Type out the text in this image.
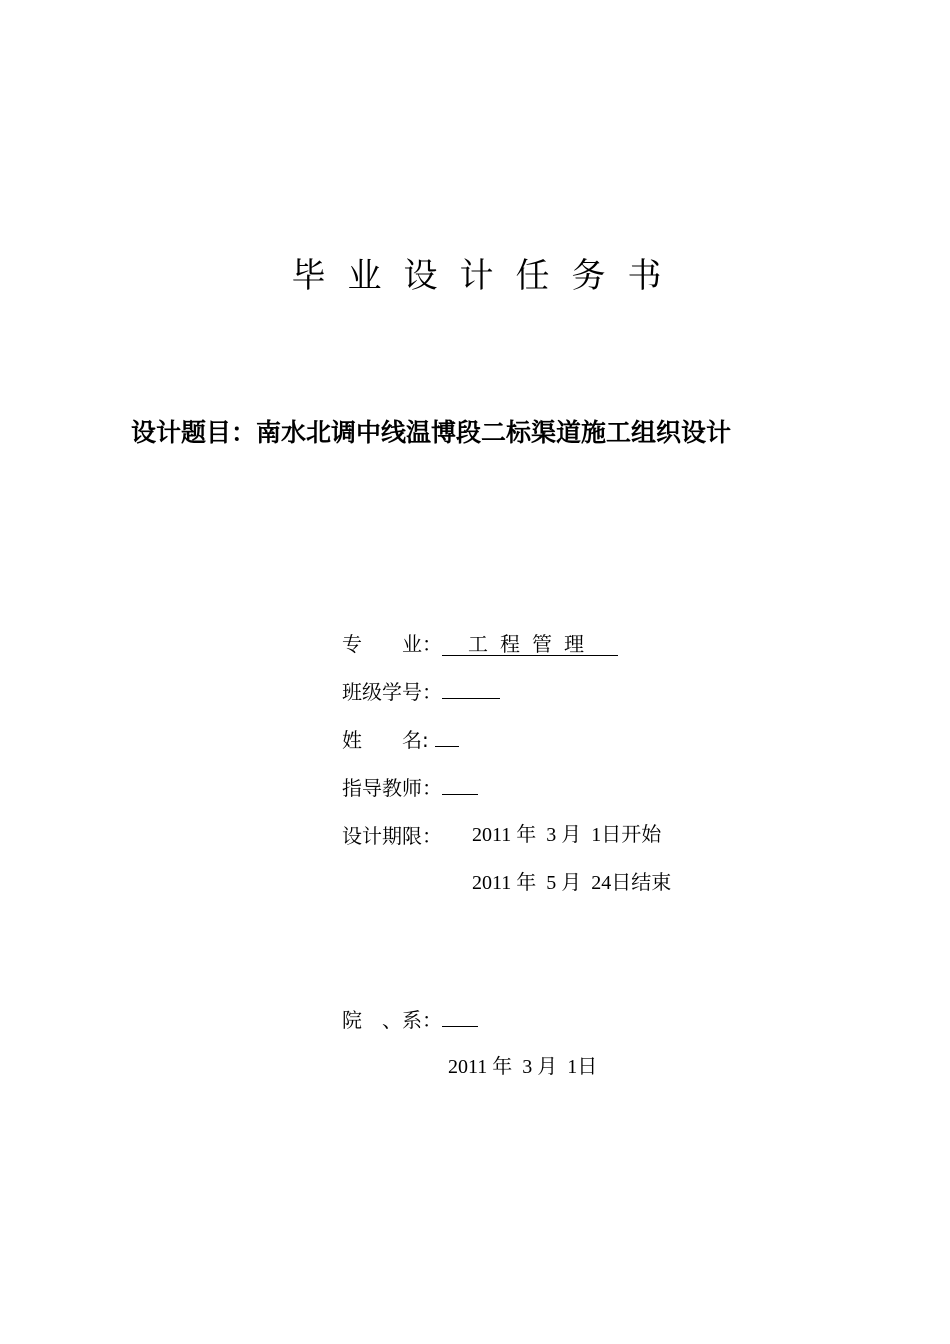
毕业设计任务书
设计题目：南水北调中线温博段二标渠道施工组织设计
专　　业： 工程管理
班级学号：
姓　　名:
指导教师：
设计期限： 2011 年 3 月 1日开始
2011 年 5 月 24日结束
院　、系：
2011 年 3 月 1日
